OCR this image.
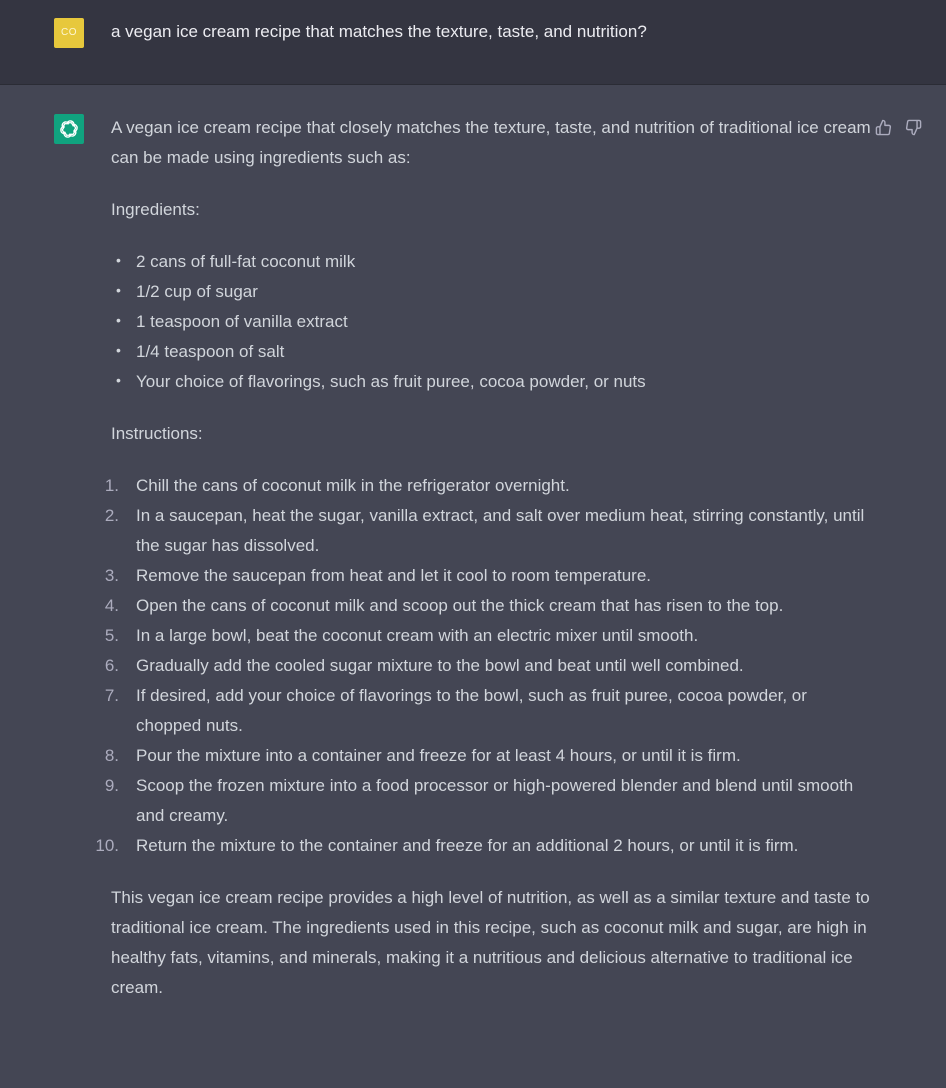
CO	a vegan ice cream recipe that matches the texture, taste, and nutrition?

A vegan ice cream recipe that closely matches the texture, taste, and nutrition of traditional ice cream can be made using ingredients such as:

Ingredients:

• 2 cans of full-fat coconut milk
• 1/2 cup of sugar
• 1 teaspoon of vanilla extract
• 1/4 teaspoon of salt
• Your choice of flavorings, such as fruit puree, cocoa powder, or nuts

Instructions:

1. Chill the cans of coconut milk in the refrigerator overnight.
2. In a saucepan, heat the sugar, vanilla extract, and salt over medium heat, stirring constantly, until the sugar has dissolved.
3. Remove the saucepan from heat and let it cool to room temperature.
4. Open the cans of coconut milk and scoop out the thick cream that has risen to the top.
5. In a large bowl, beat the coconut cream with an electric mixer until smooth.
6. Gradually add the cooled sugar mixture to the bowl and beat until well combined.
7. If desired, add your choice of flavorings to the bowl, such as fruit puree, cocoa powder, or chopped nuts.
8. Pour the mixture into a container and freeze for at least 4 hours, or until it is firm.
9. Scoop the frozen mixture into a food processor or high-powered blender and blend until smooth and creamy.
10. Return the mixture to the container and freeze for an additional 2 hours, or until it is firm.

This vegan ice cream recipe provides a high level of nutrition, as well as a similar texture and taste to traditional ice cream. The ingredients used in this recipe, such as coconut milk and sugar, are high in healthy fats, vitamins, and minerals, making it a nutritious and delicious alternative to traditional ice cream.
